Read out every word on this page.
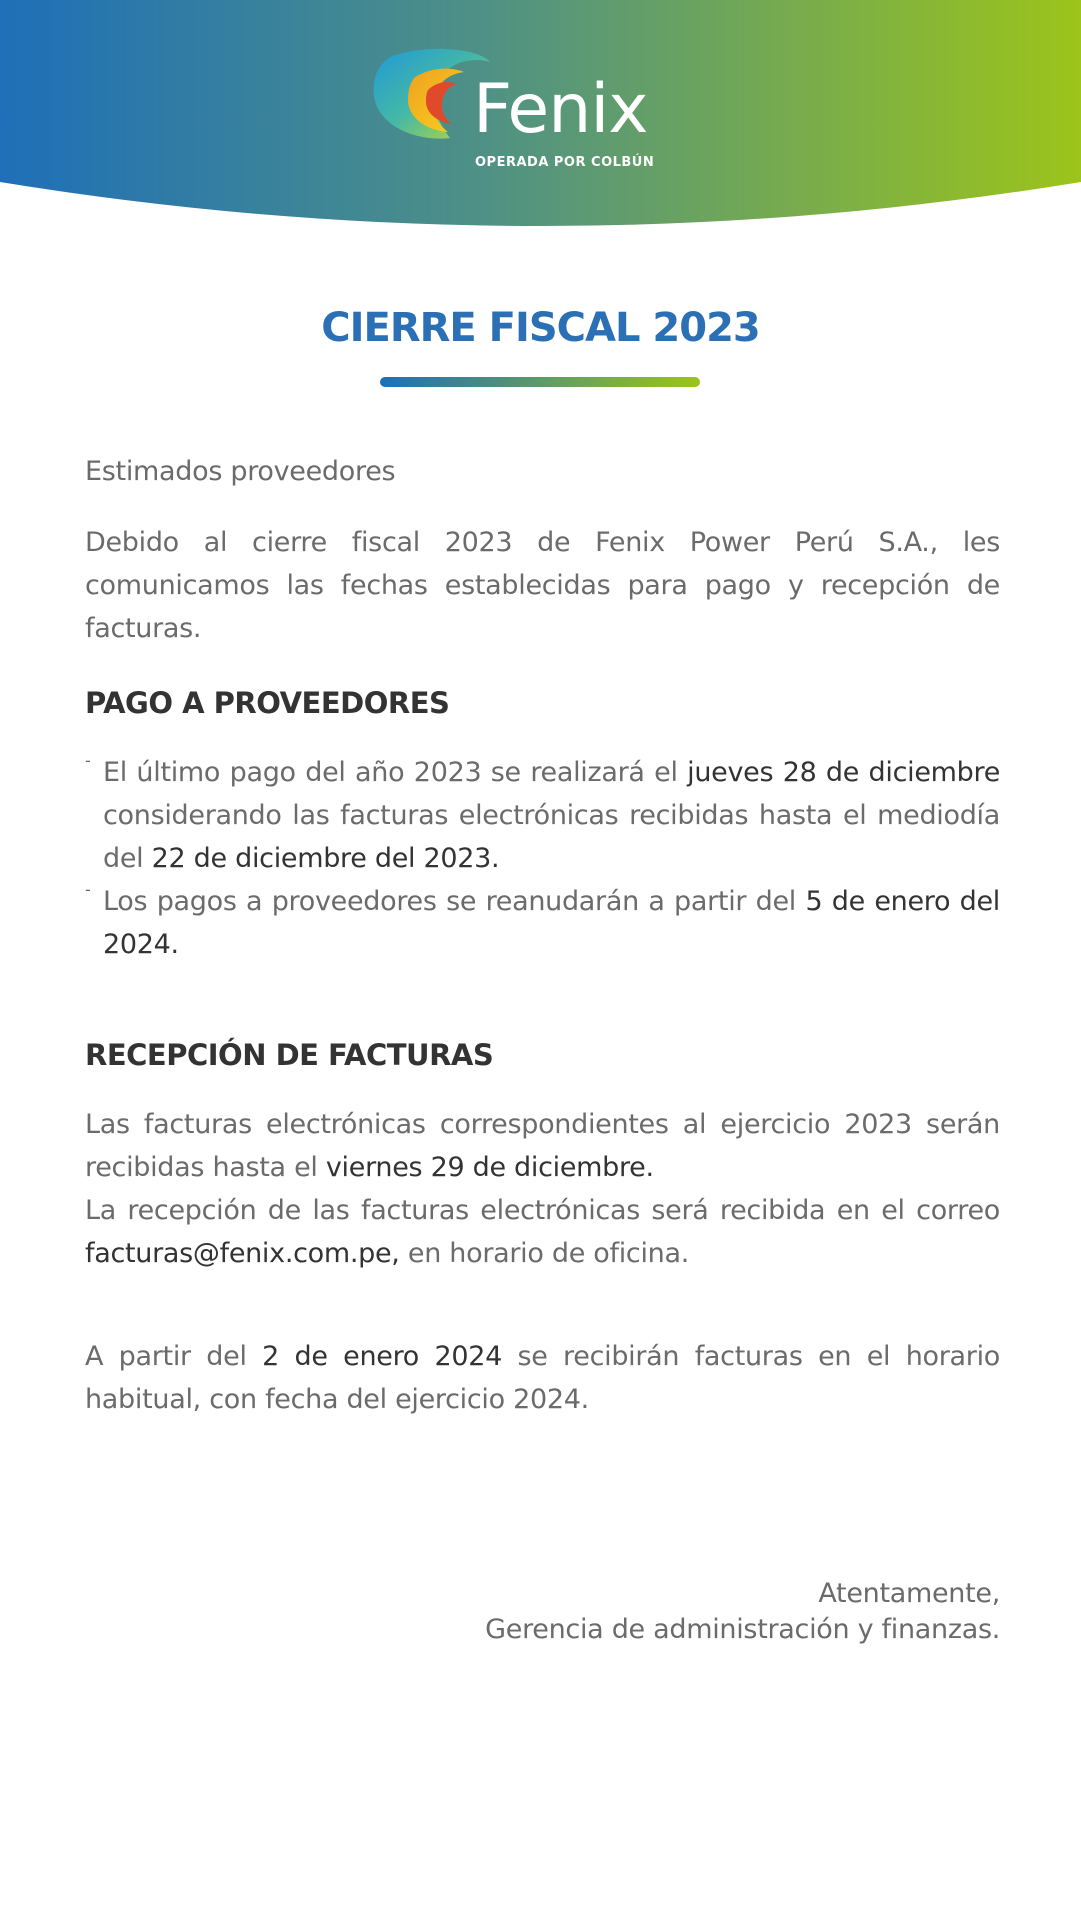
Fenix
OPERADA POR COLBÚN
CIERRE FISCAL 2023

Estimados proveedores

Debido al cierre fiscal 2023 de Fenix Power Perú S.A., les comunicamos las fechas establecidas para pago y recepción de facturas.

PAGO A PROVEEDORES
- El último pago del año 2023 se realizará el jueves 28 de diciembre considerando las facturas electrónicas recibidas hasta el mediodía del 22 de diciembre del 2023.

- Los pagos a proveedores se reanudarán a partir del 5 de enero del 2024.

RECEPCIÓN DE FACTURAS

Las facturas electrónicas correspondientes al ejercicio 2023 serán recibidas hasta el viernes 29 de diciembre.

La recepción de las facturas electrónicas será recibida en el correo facturas@fenix.com.pe, en horario de oficina.

A partir del 2 de enero 2024 se recibirán facturas en el horario habitual, con fecha del ejercicio 2024.

Atentamente,
Gerencia de administración y finanzas.
